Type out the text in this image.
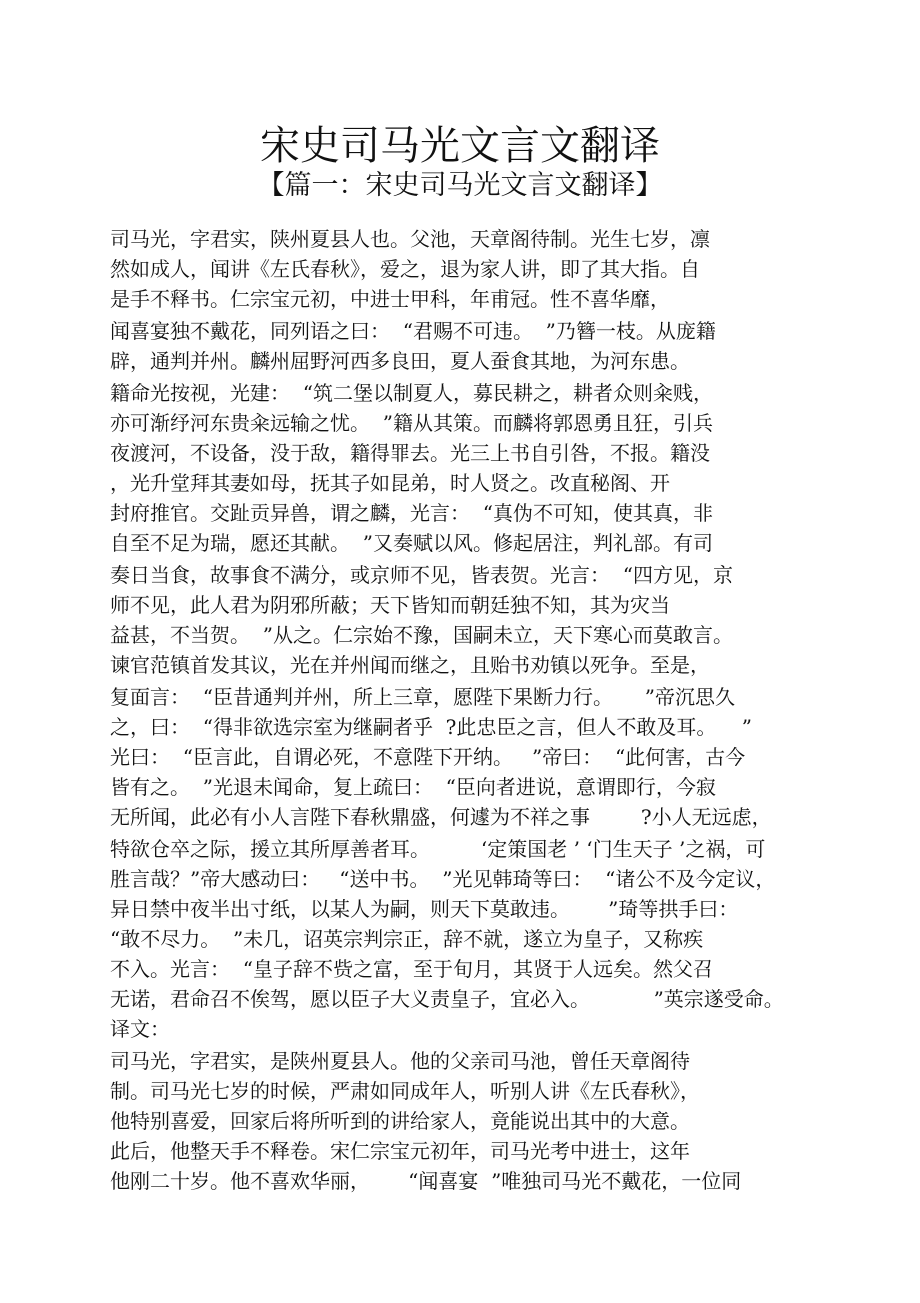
宋史司马光文言文翻译
【篇一：宋史司马光文言文翻译】
司马光，字君实，陕州夏县人也。父池，天章阁待制。光生七岁，凛
然如成人，闻讲《左氏春秋》，爱之，退为家人讲，即了其大指。自
是手不释书。仁宗宝元初，中进士甲科，年甫冠。性不喜华靡，
闻喜宴独不戴花，同列语之曰：  “君赐不可违。  ”乃簪一枝。从庞籍
辟，通判并州。麟州屈野河西多良田，夏人蚕食其地，为河东患。
籍命光按视，光建：  “筑二堡以制夏人，募民耕之，耕者众则籴贱，
亦可渐纾河东贵籴远输之忧。  ”籍从其策。而麟将郭恩勇且狂，引兵
夜渡河，不设备，没于敌，籍得罪去。光三上书自引咎，不报。籍没
，光升堂拜其妻如母，抚其子如昆弟，时人贤之。改直秘阁、开
封府推官。交趾贡异兽，谓之麟，光言：  “真伪不可知，使其真，非
自至不足为瑞，愿还其献。  ”又奏赋以风。修起居注，判礼部。有司
奏日当食，故事食不满分，或京师不见，皆表贺。光言：  “四方见，京
师不见，此人君为阴邪所蔽；天下皆知而朝廷独不知，其为灾当
益甚，不当贺。  ”从之。仁宗始不豫，国嗣未立，天下寒心而莫敢言。
谏官范镇首发其议，光在并州闻而继之，且贻书劝镇以死争。至是，
复面言：  “臣昔通判并州，所上三章，愿陛下果断力行。     ”帝沉思久
之，曰：  “得非欲选宗室为继嗣者乎  ?此忠臣之言，但人不敢及耳。    ”
光曰：  “臣言此，自谓必死，不意陛下开纳。   ”帝曰：  “此何害，古今
皆有之。  ”光退未闻命，复上疏曰：  “臣向者进说，意谓即行，今寂
无所闻，此必有小人言陛下春秋鼎盛，何遽为不祥之事        ?小人无远虑，
特欲仓卒之际，援立其所厚善者耳。        ‘定策国老 ’ ‘门生天子 ’之祸，可
胜言哉？”帝大感动曰：   “送中书。  ”光见韩琦等曰：  “诸公不及今定议，
异日禁中夜半出寸纸，以某人为嗣，则天下莫敢违。      ”琦等拱手曰：
“敢不尽力。  ”未几，诏英宗判宗正，辞不就，遂立为皇子，又称疾
不入。光言：  “皇子辞不赀之富，至于旬月，其贤于人远矣。然父召
无诺，君命召不俟驾，愿以臣子大义责皇子，宜必入。          ”英宗遂受命。
译文：
司马光，字君实，是陕州夏县人。他的父亲司马池，曾任天章阁待
制。司马光七岁的时候，严肃如同成年人，听别人讲《左氏春秋》，
他特别喜爱，回家后将所听到的讲给家人，竟能说出其中的大意。
此后，他整天手不释卷。宋仁宗宝元初年，司马光考中进士，这年
他刚二十岁。他不喜欢华丽，      “闻喜宴  ”唯独司马光不戴花，一位同
